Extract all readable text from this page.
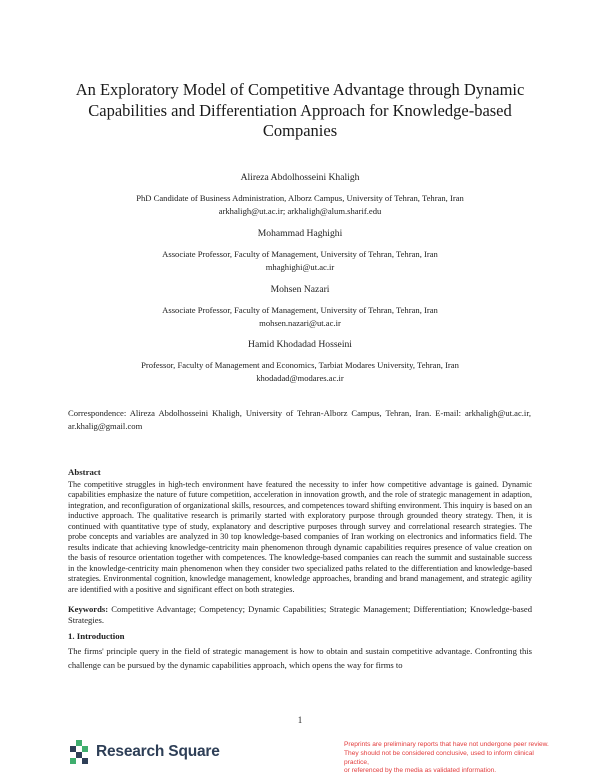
An Exploratory Model of Competitive Advantage through Dynamic
Capabilities and Differentiation Approach for Knowledge-based
Companies
Alireza Abdolhosseini Khaligh
PhD Candidate of Business Administration, Alborz Campus, University of Tehran, Tehran, Iran
arkhaligh@ut.ac.ir; arkhaligh@alum.sharif.edu
Mohammad Haghighi
Associate Professor, Faculty of Management, University of Tehran, Tehran, Iran
mhaghighi@ut.ac.ir
Mohsen Nazari
Associate Professor, Faculty of Management, University of Tehran, Tehran, Iran
mohsen.nazari@ut.ac.ir
Hamid Khodadad Hosseini
Professor, Faculty of Management and Economics, Tarbiat Modares University, Tehran, Iran
khodadad@modares.ac.ir
Correspondence: Alireza Abdolhosseini Khaligh, University of Tehran-Alborz Campus, Tehran, Iran. E-mail: arkhaligh@ut.ac.ir, ar.khalig@gmail.com
Abstract

The competitive struggles in high-tech environment have featured the necessity to infer how competitive advantage is gained. Dynamic capabilities emphasize the nature of future competition, acceleration in innovation growth, and the role of strategic management in adaption, integration, and reconfiguration of organizational skills, resources, and competences toward shifting environment. This inquiry is based on an inductive approach. The qualitative research is primarily started with exploratory purpose through grounded theory strategy. Then, it is continued with quantitative type of study, explanatory and descriptive purposes through survey and correlational research strategies. The probe concepts and variables are analyzed in 30 top knowledge-based companies of Iran working on electronics and informatics field. The results indicate that achieving knowledge-centricity main phenomenon through dynamic capabilities requires presence of value creation on the basis of resource orientation together with competences. The knowledge-based companies can reach the summit and sustainable success in the knowledge-centricity main phenomenon when they consider two specialized paths related to the differentiation and knowledge-based strategies. Environmental cognition, knowledge management, knowledge approaches, branding and brand management, and strategic agility are identified with a positive and significant effect on both strategies.

Keywords: Competitive Advantage; Competency; Dynamic Capabilities; Strategic Management; Differentiation; Knowledge-based Strategies.
1. Introduction
The firms' principle query in the field of strategic management is how to obtain and sustain competitive advantage. Confronting this challenge can be pursued by the dynamic capabilities approach, which opens the way for firms to
1
Research Square	Preprints are preliminary reports that have not undergone peer review.
They should not be considered conclusive, used to inform clinical practice,
or referenced by the media as validated information.
